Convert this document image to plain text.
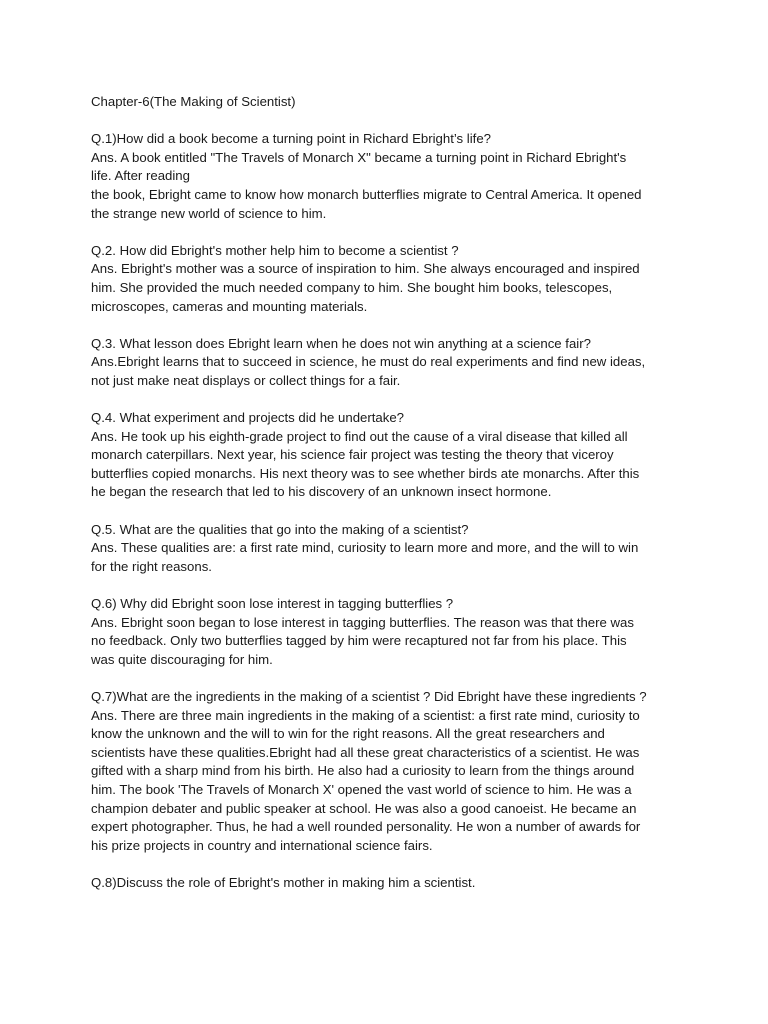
Chapter-6(The Making of Scientist)
Q.1)How did a book become a turning point in Richard Ebright’s life?
Ans. A book entitled "The Travels of Monarch X" became a turning point in Richard Ebright's
life. After reading
the book, Ebright came to know how monarch butterflies migrate to Central America. It opened
the strange new world of science to him.
Q.2. How did Ebright's mother help him to become a scientist ?
Ans. Ebright's mother was a source of inspiration to him. She always encouraged and inspired
him. She provided the much needed company to him. She bought him books, telescopes,
microscopes, cameras and mounting materials.
Q.3. What lesson does Ebright learn when he does not win anything at a science fair?
Ans.Ebright learns that to succeed in science, he must do real experiments and find new ideas,
not just make neat displays or collect things for a fair.
Q.4. What experiment and projects did he undertake?
Ans. He took up his eighth-grade project to find out the cause of a viral disease that killed all
monarch caterpillars. Next year, his science fair project was testing the theory that viceroy
butterflies copied monarchs. His next theory was to see whether birds ate monarchs. After this
he began the research that led to his discovery of an unknown insect hormone.
Q.5. What are the qualities that go into the making of a scientist?
Ans. These qualities are: a first rate mind, curiosity to learn more and more, and the will to win
for the right reasons.
Q.6) Why did Ebright soon lose interest in tagging butterflies ?
Ans. Ebright soon began to lose interest in tagging butterflies. The reason was that there was
no feedback. Only two butterflies tagged by him were recaptured not far from his place. This
was quite discouraging for him.
Q.7)What are the ingredients in the making of a scientist ? Did Ebright have these ingredients ?
Ans. There are three main ingredients in the making of a scientist: a first rate mind, curiosity to
know the unknown and the will to win for the right reasons. All the great researchers and
scientists have these qualities.Ebright had all these great characteristics of a scientist. He was
gifted with a sharp mind from his birth. He also had a curiosity to learn from the things around
him. The book 'The Travels of Monarch X' opened the vast world of science to him. He was a
champion debater and public speaker at school. He was also a good canoeist. He became an
expert photographer. Thus, he had a well rounded personality. He won a number of awards for
his prize projects in country and international science fairs.
Q.8)Discuss the role of Ebright's mother in making him a scientist.
